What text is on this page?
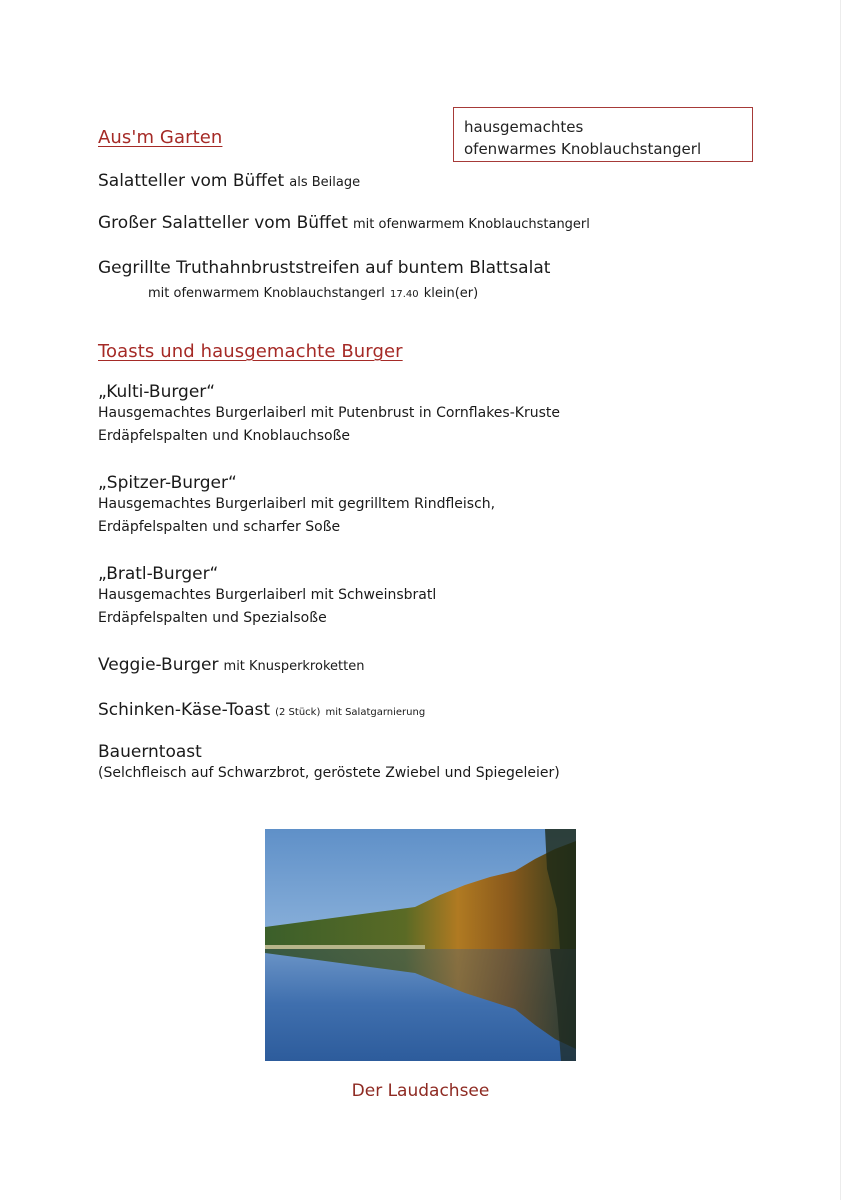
hausgemachtes
ofenwarmes Knoblauchstangerl
Aus'm Garten
Salatteller vom Büffet als Beilage
Großer Salatteller vom Büffet mit ofenwarmem Knoblauchstangerl
Gegrillte Truthahnbruststreifen auf buntem Blattsalat
mit ofenwarmem Knoblauchstangerl 17.40 klein(er)
Toasts und hausgemachte Burger
„Kulti-Burger“
Hausgemachtes Burgerlaiberl mit Putenbrust in Cornflakes-Kruste
Erdäpfelspalten und Knoblauchsoße
„Spitzer-Burger“
Hausgemachtes Burgerlaiberl mit gegrilltem Rindfleisch,
Erdäpfelspalten und scharfer Soße
„Bratl-Burger“
Hausgemachtes Burgerlaiberl mit Schweinsbratl
Erdäpfelspalten und Spezialsoße
Veggie-Burger mit Knusperkroketten
Schinken-Käse-Toast (2 Stück) mit Salatgarnierung
Bauerntoast
(Selchfleisch auf Schwarzbrot, geröstete Zwiebel und Spiegeleier)
Der Laudachsee
